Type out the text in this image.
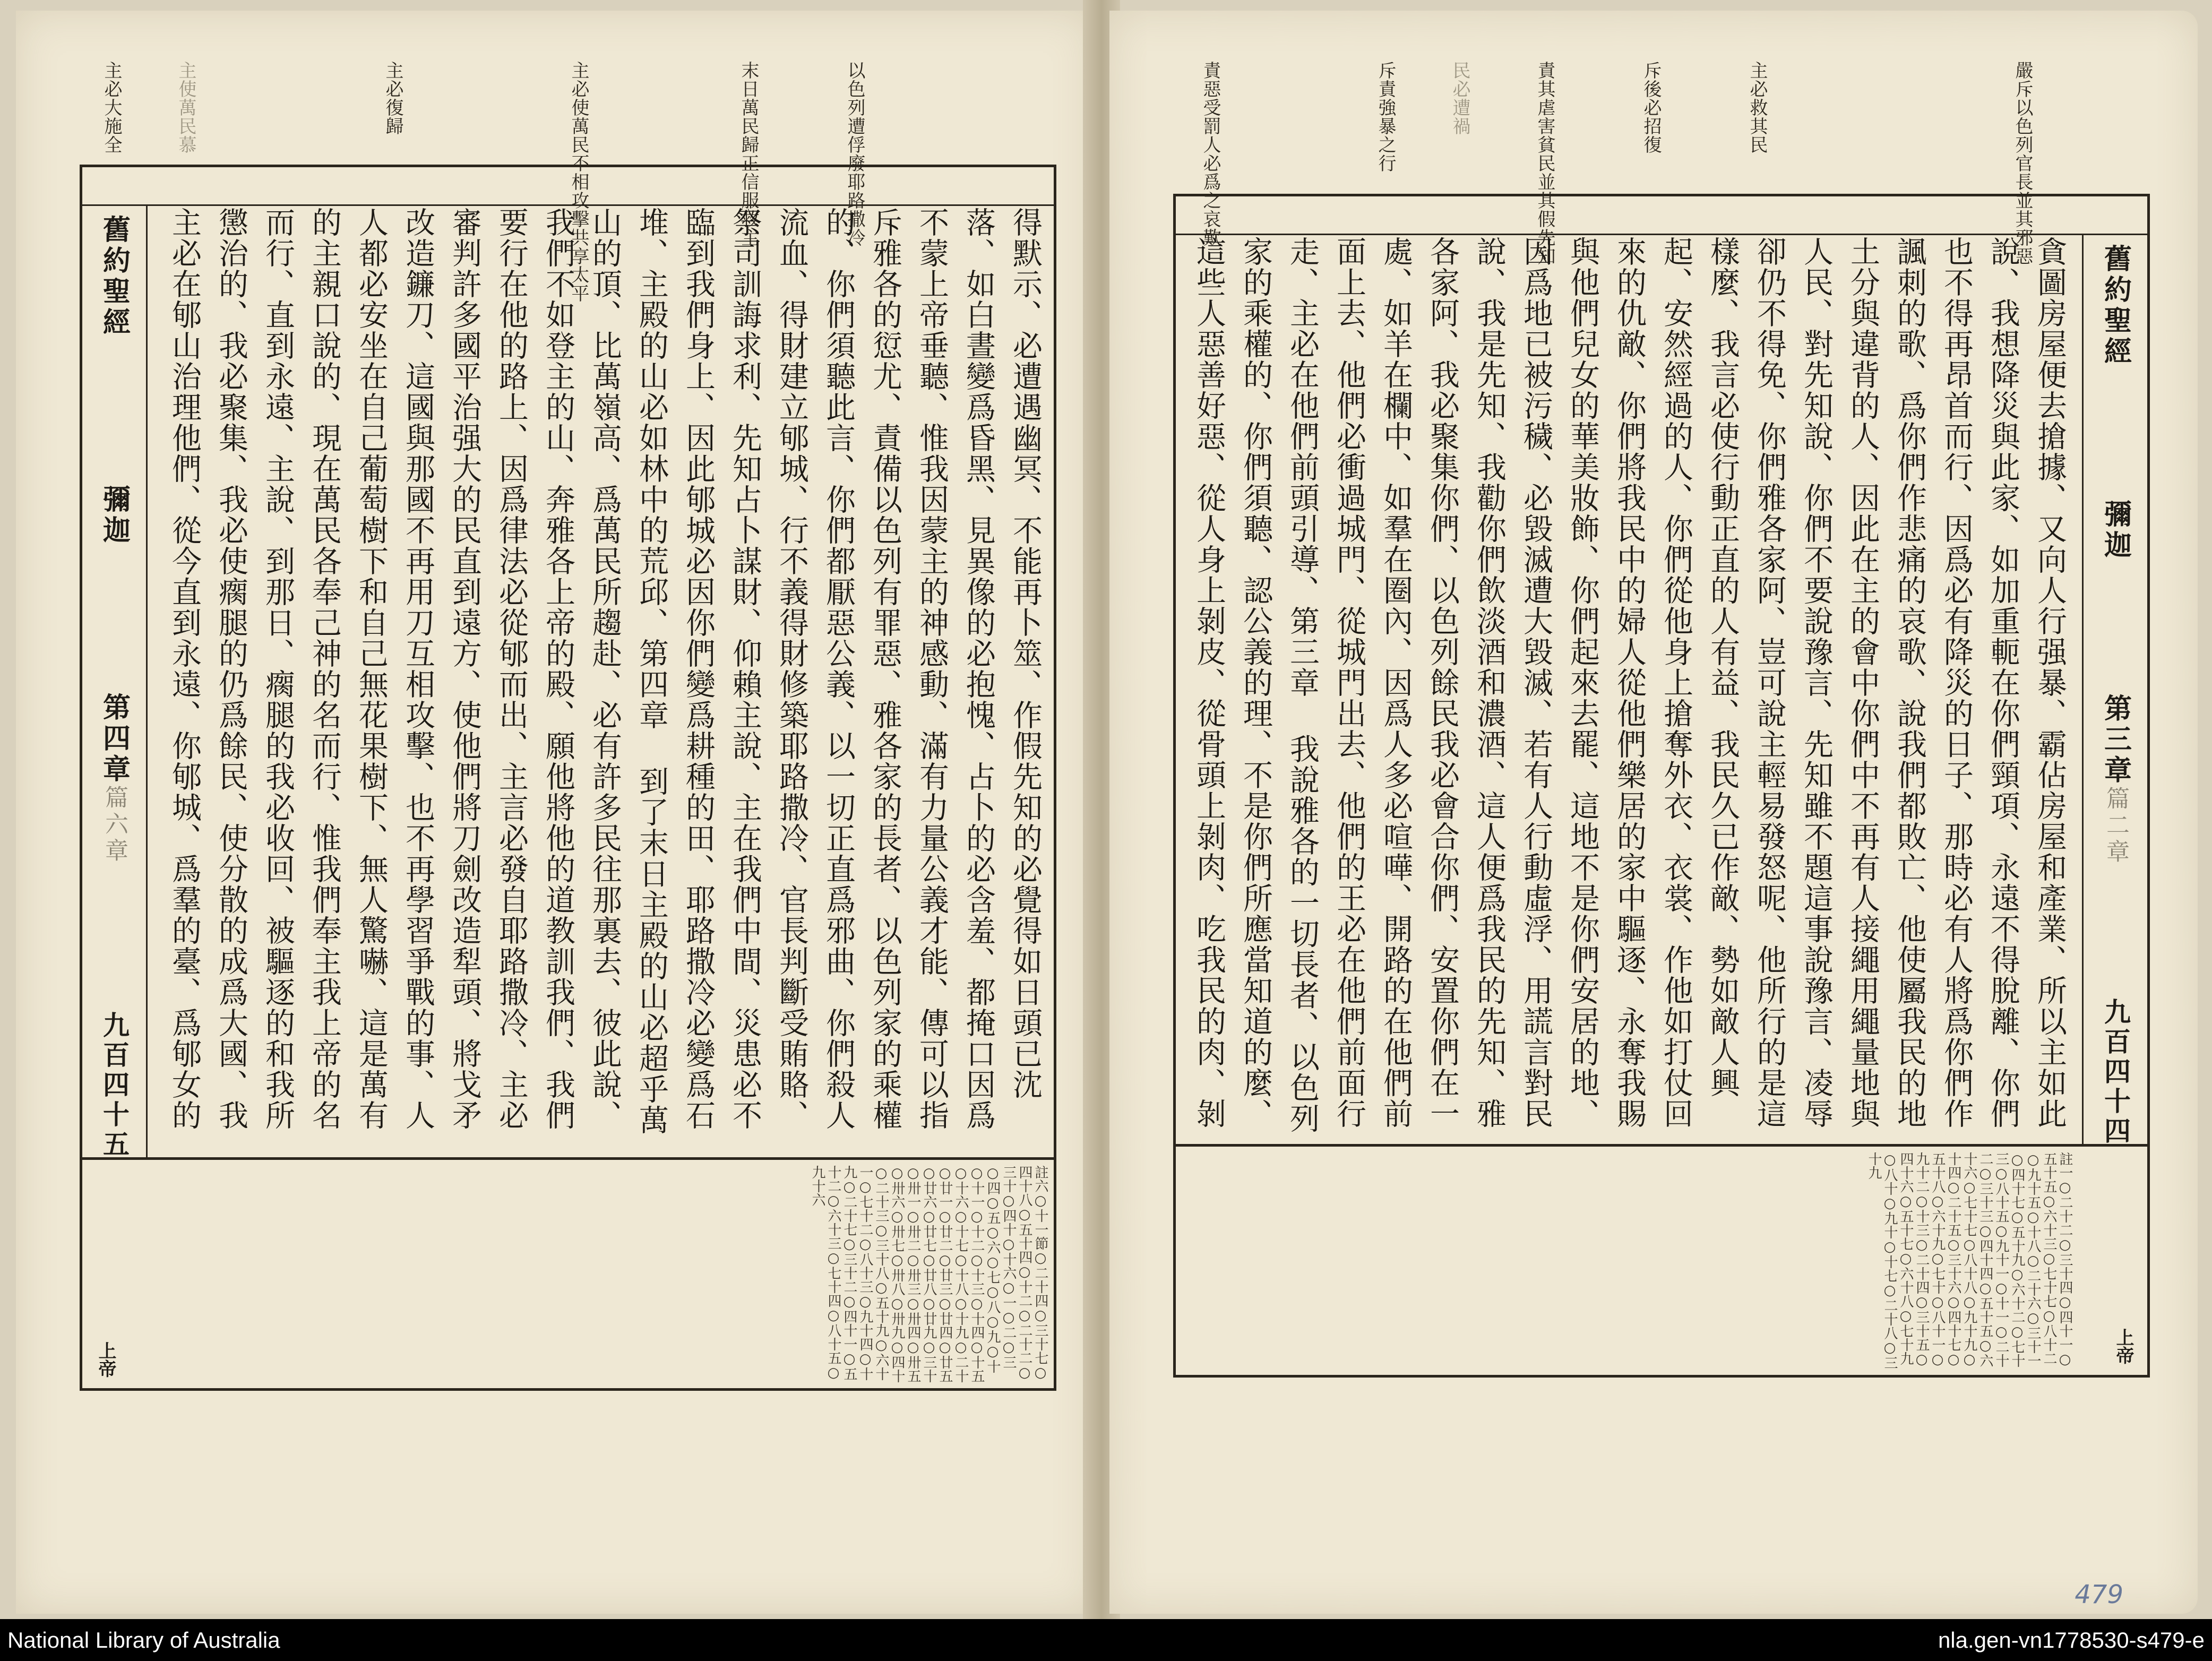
主必大施全	主使萬民慕	主必復歸	主必使萬民不相攻擊共享太平	末日萬民歸正信服救主	以色列遭俘廢耶路撒冷
舊約聖經
彌迦
第四章
篇六章
九百四十五	得默示、必遭遇幽冥、不能再卜筮、作假先知的必覺得如日頭已沈落、如白晝變爲昏黑、見異像的必抱愧、占卜的必含羞、都掩口因爲不蒙上帝垂聽、惟我因蒙主的神感動、滿有力量公義才能、傳可以指斥雅各的愆尤、責備以色列有罪惡、雅各家的長者、以色列家的乘權的、你們須聽此言、你們都厭惡公義、以一切正直爲邪曲、你們殺人流血、得財建立郇城、行不義得財修築耶路撒冷、官長判斷受賄賂、祭司訓誨求利、先知占卜謀財、仰賴主說、主在我們中間、災患必不臨到我們身上、因此郇城必因你們變爲耕種的田、耶路撒冷必變爲石堆、主殿的山必如林中的荒邱、第四章 到了末日主殿的山必超乎萬山的頂、比萬嶺高、爲萬民所趨赴、必有許多民往那裏去、彼此說、我們不如登主的山、奔雅各上帝的殿、願他將他的道教訓我們、我們要行在他的路上、因爲律法必從郇而出、主言必發自耶路撒冷、主必審判許多國平治强大的民直到遠方、使他們將刀劍改造犁頭、將戈矛改造鐮刀、這國與那國不再用刀互相攻擊、也不再學習爭戰的事、人人都必安坐在自己葡萄樹下和自己無花果樹下、無人驚嚇、這是萬有的主親口說的、現在萬民各奉己神的名而行、惟我們奉主我上帝的名而行、直到永遠、主說、到那日、瘸腿的我必收回、被驅逐的和我所懲治的、我必聚集、我必使瘸腿的仍爲餘民、使分散的成爲大國、我主必在郇山治理他們、從今直到永遠、你郇城、爲羣的臺、爲郇女的
註六○十一節○二十四○三十七○四十八○五十四○十二○二十二○三十○四十○十六○一○二○三○四○五○六○七○八○九○十○十一○十二○十三○十四○十五○十六○十七○十八○十九○二十○廿一○廿二○廿三○廿四○廿五○廿六○廿七○廿八○廿九○三十○卅一○卅二○卅三○卅四○卅五○卅六○卅七○卅八○卅九○四十○二十三○三十八○五十九○六十一○七十二○八十三○九十四○十九○二十七○三十二○四十一○五十二○六十三○七十四○八十五○九十六
上帝
責惡受罰人必爲之哀歎	斥責強暴之行	民必遭禍	責其虐害貧民並其假先知	斥後必招復	主必救其民	嚴斥以色列官長並其邪惡
舊約聖經
彌迦
第三章
篇二章
九百四十四
貪圖房屋便去搶據、又向人行强暴、霸佔房屋和產業、所以主如此說、我想降災與此家、如加重軛在你們頸項、永遠不得脫離、你們也不得再昂首而行、因爲必有降災的日子、那時必有人將爲你們作諷刺的歌、爲你們作悲痛的哀歌、說我們都敗亡、他使屬我民的地土分與違背的人、因此在主的會中你們中不再有人接繩用繩量地與人民、對先知說、你們不要說豫言、先知雖不題這事說豫言、凌辱卻仍不得免、你們雅各家阿、豈可說主輕易發怒呢、他所行的是這樣麼、我言必使行動正直的人有益、我民久已作敵、勢如敵人興起、安然經過的人、你們從他身上搶奪外衣、衣裳、作他如打仗回來的仇敵、你們將我民中的婦人從他們樂居的家中驅逐、永奪我賜與他們兒女的華美妝飾、你們起來去罷、這地不是你們安居的地、因爲地已被污穢、必毀滅遭大毀滅、若有人行動虛浮、用謊言對民說、我是先知、我勸你們飲淡酒和濃酒、這人便爲我民的先知、雅各家阿、我必聚集你們、以色列餘民我必會合你們、安置你們在一處、如羊在欄中、如羣在圈內、因爲人多必喧嘩、開路的在他們前面上去、他們必衝過城門、從城門出去、他們的王必在他們前面行走、主必在他們前頭引導、第三章 我說雅各的一切長者、以色列家的乘權的、你們須聽、認公義的理、不是你們所應當知道的麼、這些人惡善好惡、從人身上剝皮、從骨頭上剝肉、吃我民的肉、剝
註一○二十二○三十四○四十一○五十五○六十三○七十七○八十二○九十五○十八○二十六○三十一○四十七○五十九○六十二○七十三○八十五○九十一○十一○二十二○三十三○四十四○五十五○六十六○七十七○八十八○九十九○十四○二十五○三十六○四十七○五十八○六十九○七十○八十一○九十二○十三○二十四○三十五○四十六○五十七○六十八○七十九○八十○九十○十七○二十八○三十九
上帝
479
National Library of Australia	nla.gen-vn1778530-s479-e
